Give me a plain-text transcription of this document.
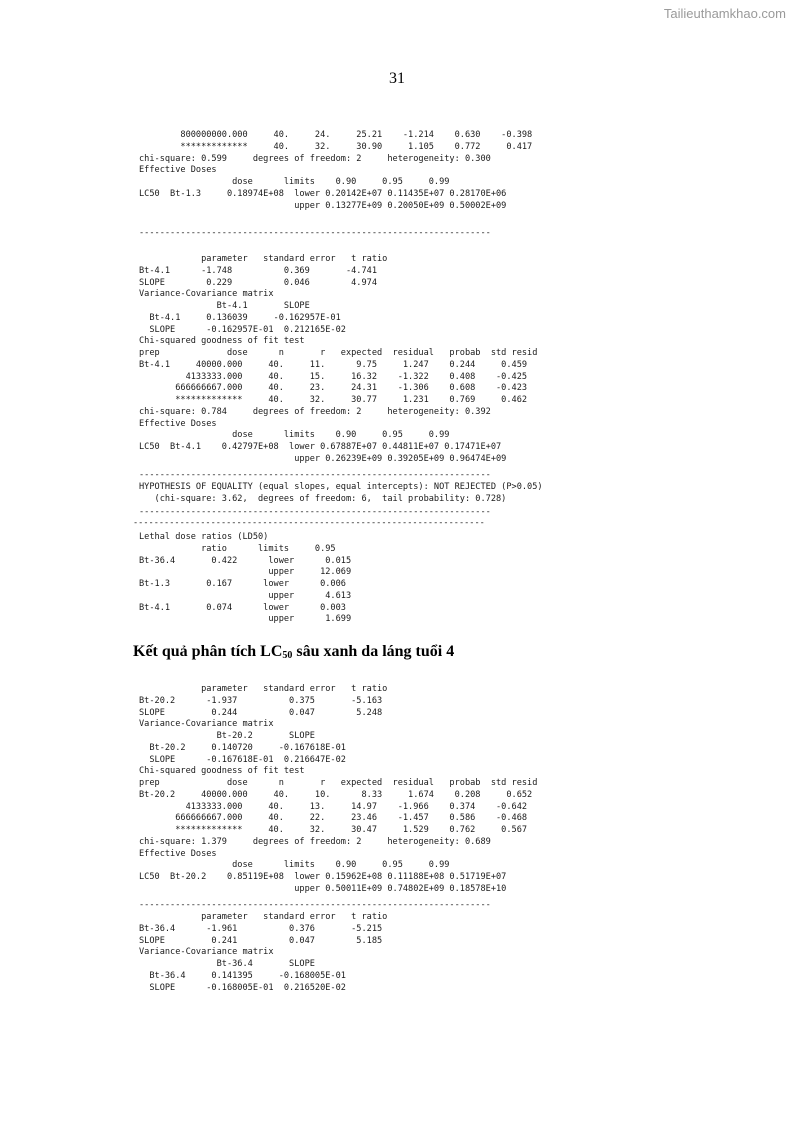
Tailieuthamkhao.com
31
800000000.000     40.     24.     25.21    -1.214    0.630    -0.398
*************     40.     32.     30.90     1.105    0.772     0.417
chi-square: 0.599     degrees of freedom: 2     heterogeneity: 0.300
Effective Doses
dose      limits    0.90     0.95     0.99
LC50  Bt-1.3     0.18974E+08  lower 0.20142E+07 0.11435E+07 0.28170E+06
upper 0.13277E+09 0.20050E+09 0.50002E+09
--------------------------------------------------------------------
parameter   standard error   t ratio
Bt-4.1      -1.748          0.369       -4.741
SLOPE        0.229          0.046        4.974
Variance-Covariance matrix
Bt-4.1       SLOPE
Bt-4.1     0.136039     -0.162957E-01
SLOPE      -0.162957E-01  0.212165E-02
Chi-squared goodness of fit test
prep             dose      n       r   expected  residual   probab  std resid
Bt-4.1     40000.000     40.     11.      9.75     1.247    0.244     0.459
4133333.000     40.     15.     16.32    -1.322    0.408    -0.425
666666667.000     40.     23.     24.31    -1.306    0.608    -0.423
*************     40.     32.     30.77     1.231    0.769     0.462
chi-square: 0.784     degrees of freedom: 2     heterogeneity: 0.392
Effective Doses
dose      limits    0.90     0.95     0.99
LC50  Bt-4.1    0.42797E+08  lower 0.67887E+07 0.44811E+07 0.17471E+07
upper 0.26239E+09 0.39205E+09 0.96474E+09
--------------------------------------------------------------------
HYPOTHESIS OF EQUALITY (equal slopes, equal intercepts): NOT REJECTED (P>0.05)
(chi-square: 3.62,  degrees of freedom: 6,  tail probability: 0.728)
--------------------------------------------------------------------
--------------------------------------------------------------------
Lethal dose ratios (LD50)
ratio      limits     0.95
Bt-36.4       0.422      lower      0.015
upper     12.069
Bt-1.3       0.167      lower      0.006
upper      4.613
Bt-4.1       0.074      lower      0.003
upper      1.699

Kết quả phân tích $LC_{50}$ sâu xanh da láng tuổi 4

parameter   standard error   t ratio
Bt-20.2      -1.937          0.375       -5.163
SLOPE         0.244          0.047        5.248
Variance-Covariance matrix
Bt-20.2       SLOPE
Bt-20.2     0.140720     -0.167618E-01
SLOPE      -0.167618E-01  0.216647E-02
Chi-squared goodness of fit test
prep             dose      n       r   expected  residual   probab  std resid
Bt-20.2     40000.000     40.     10.      8.33     1.674    0.208     0.652
4133333.000     40.     13.     14.97    -1.966    0.374    -0.642
666666667.000     40.     22.     23.46    -1.457    0.586    -0.468
*************     40.     32.     30.47     1.529    0.762     0.567
chi-square: 1.379     degrees of freedom: 2     heterogeneity: 0.689
Effective Doses
dose      limits    0.90     0.95     0.99
LC50  Bt-20.2    0.85119E+08  lower 0.15962E+08 0.11188E+08 0.51719E+07
upper 0.50011E+09 0.74802E+09 0.18578E+10
--------------------------------------------------------------------
parameter   standard error   t ratio
Bt-36.4      -1.961          0.376       -5.215
SLOPE         0.241          0.047        5.185
Variance-Covariance matrix
Bt-36.4       SLOPE
Bt-36.4     0.141395     -0.168005E-01
SLOPE      -0.168005E-01  0.216520E-02
